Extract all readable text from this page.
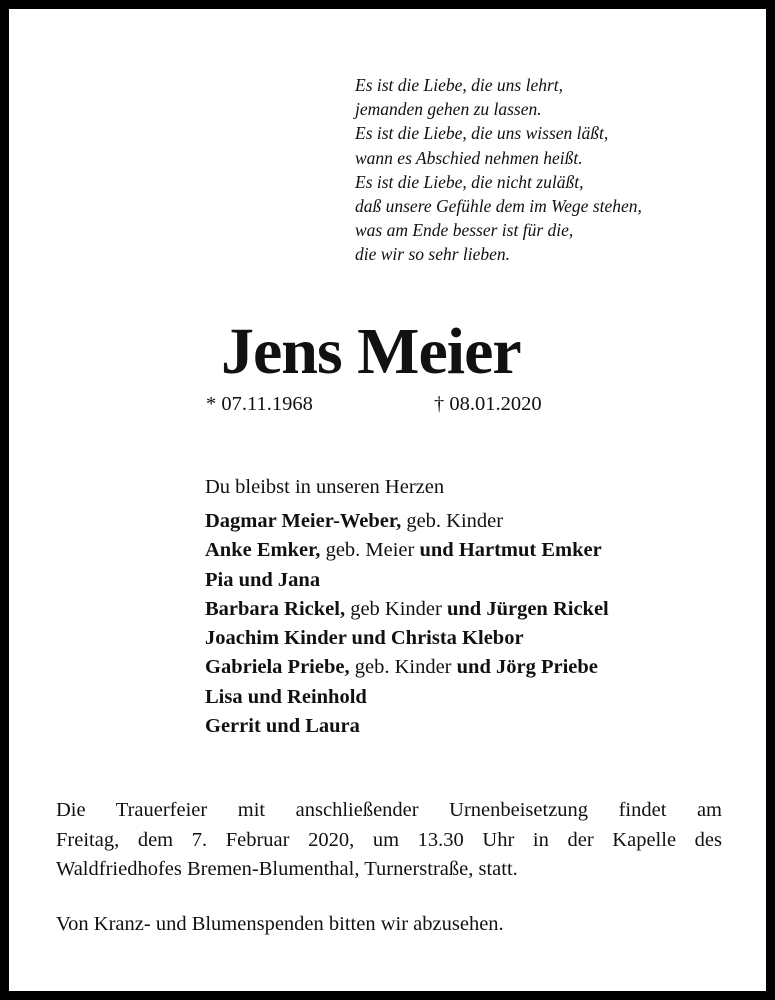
Es ist die Liebe, die uns lehrt,
jemanden gehen zu lassen.
Es ist die Liebe, die uns wissen läßt,
wann es Abschied nehmen heißt.
Es ist die Liebe, die nicht zuläßt,
daß unsere Gefühle dem im Wege stehen,
was am Ende besser ist für die,
die wir so sehr lieben.
Jens Meier
* 07.11.1968	† 08.01.2020
Du bleibst in unseren Herzen
Dagmar Meier-Weber, geb. Kinder
Anke Emker, geb. Meier und Hartmut Emker
Pia und Jana
Barbara Rickel, geb Kinder und Jürgen Rickel
Joachim Kinder und Christa Klebor
Gabriela Priebe, geb. Kinder und Jörg Priebe
Lisa und Reinhold
Gerrit und Laura
Die Trauerfeier mit anschließender Urnenbeisetzung findet am
Freitag, dem 7. Februar 2020, um 13.30 Uhr in der Kapelle des
Waldfriedhofes Bremen-Blumenthal, Turnerstraße, statt.
Von Kranz- und Blumenspenden bitten wir abzusehen.
